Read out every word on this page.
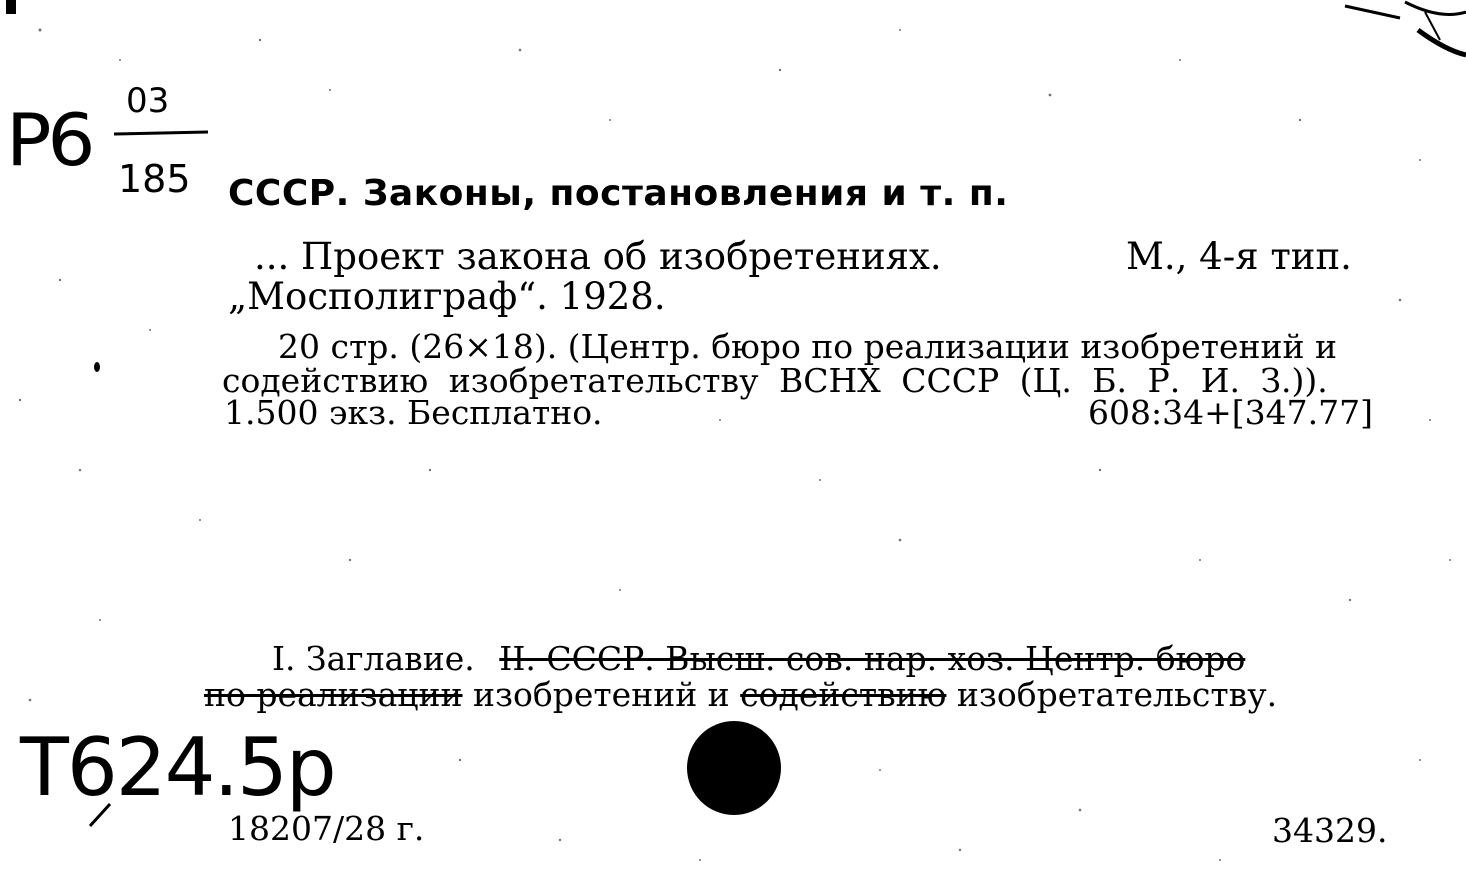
P6 03
185 СССР. Законы, постановления и т. п.
... Проект закона об изобретениях.	М., 4-я тип.
„Мосполиграф“. 1928.
20 стр. (26×18). (Центр. бюро по реализации изобретений и
содействию изобретательству ВСНХ СССР (Ц. Б. Р. И. З.)).
1.500 экз. Бесплатно.	608:34+[347.77]
I. Заглавие. II. СССР. Высш. сов. нар. хоз. Центр. бюро
по реализации изобретений и содействию изобретательству.
Т624.5р
18207/28 г.	34329.
